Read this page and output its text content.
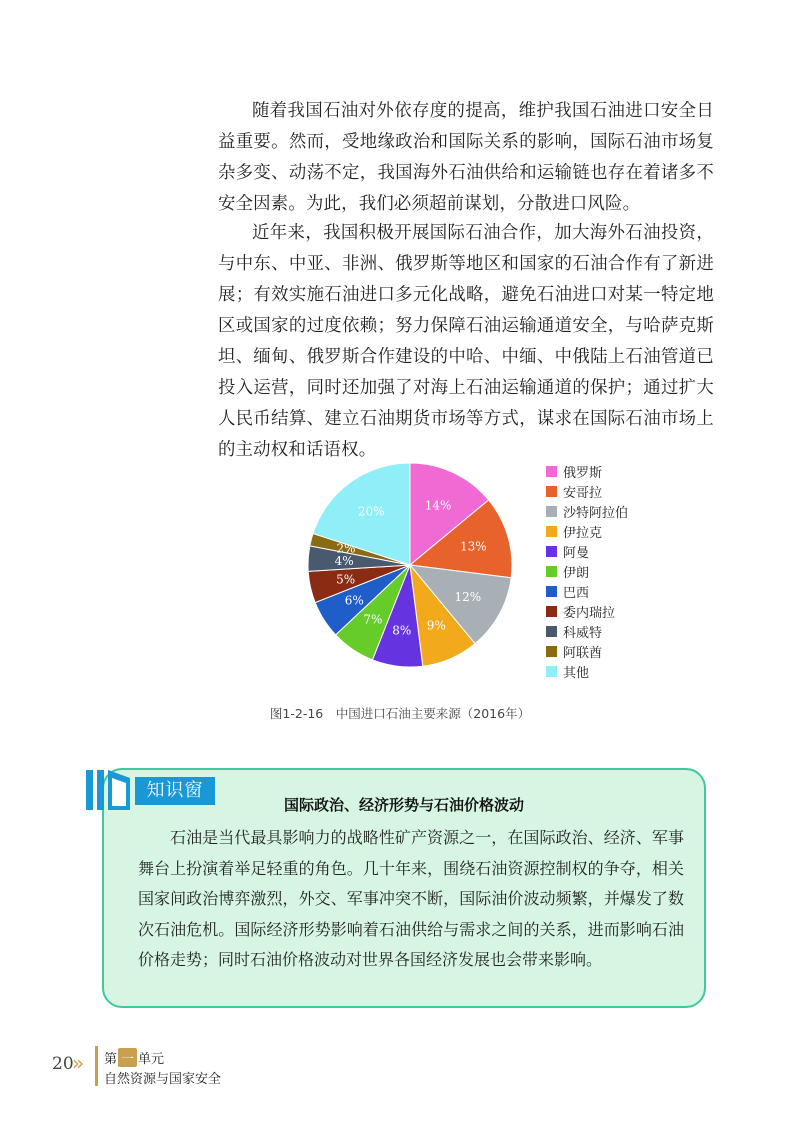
随着我国石油对外依存度的提高，维护我国石油进口安全日益重要。然而，受地缘政治和国际关系的影响，国际石油市场复杂多变、动荡不定，我国海外石油供给和运输链也存在着诸多不安全因素。为此，我们必须超前谋划，分散进口风险。

近年来，我国积极开展国际石油合作，加大海外石油投资，与中东、中亚、非洲、俄罗斯等地区和国家的石油合作有了新进展；有效实施石油进口多元化战略，避免石油进口对某一特定地区或国家的过度依赖；努力保障石油运输通道安全，与哈萨克斯坦、缅甸、俄罗斯合作建设的中哈、中缅、中俄陆上石油管道已投入运营，同时还加强了对海上石油运输通道的保护；通过扩大人民币结算、建立石油期货市场等方式，谋求在国际石油市场上的主动权和话语权。

14%
13%
12%
9%
8%
7%
6%
5%
4%
2%
20%
俄罗斯
安哥拉
沙特阿拉伯
伊拉克
阿曼
伊朗
巴西
委内瑞拉
科威特
阿联酋
其他
图1-2-16　中国进口石油主要来源（2016年）
知识窗
国际政治、经济形势与石油价格波动

石油是当代最具影响力的战略性矿产资源之一，在国际政治、经济、军事舞台上扮演着举足轻重的角色。几十年来，围绕石油资源控制权的争夺，相关国家间政治博弈激烈，外交、军事冲突不断，国际油价波动频繁，并爆发了数次石油危机。国际经济形势影响着石油供给与需求之间的关系，进而影响石油价格走势；同时石油价格波动对世界各国经济发展也会带来影响。

20
» 第 一 单元
自然资源与国家安全
